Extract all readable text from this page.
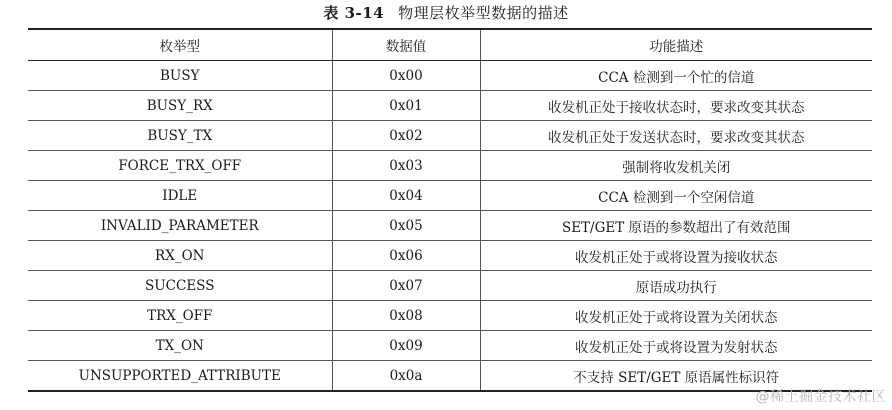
表 3-14 物理层枚举型数据的描述
枚举型	数据值	功能描述
BUSY	0x00	CCA 检测到一个忙的信道
BUSY_RX	0x01	收发机正处于接收状态时，要求改变其状态
BUSY_TX	0x02	收发机正处于发送状态时，要求改变其状态
FORCE_TRX_OFF	0x03	强制将收发机关闭
IDLE	0x04	CCA 检测到一个空闲信道
INVALID_PARAMETER	0x05	SET/GET 原语的参数超出了有效范围
RX_ON	0x06	收发机正处于或将设置为接收状态
SUCCESS	0x07	原语成功执行
TRX_OFF	0x08	收发机正处于或将设置为关闭状态
TX_ON	0x09	收发机正处于或将设置为发射状态
UNSUPPORTED_ATTRIBUTE	0x0a	不支持 SET/GET 原语属性标识符
@稀土掘金技术社区
